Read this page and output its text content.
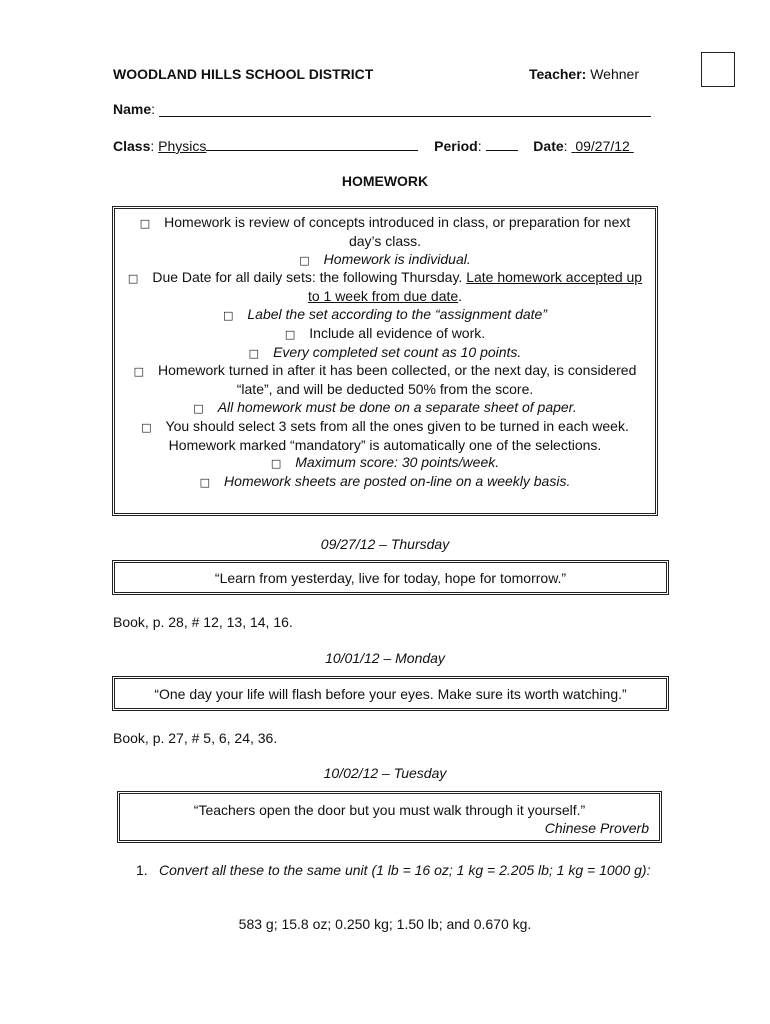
WOODLAND HILLS SCHOOL DISTRICT	Teacher: Wehner
Name :
Class: Physics	Period:	Date:  09/27/12
HOMEWORK

□ Homework is review of concepts introduced in class, or preparation for next day’s class.

□ Homework is individual.

□ Due Date for all daily sets: the following Thursday. Late homework accepted up to 1 week from due date.

□ Label the set according to the “assignment date”

□ Include all evidence of work.

□ Every completed set count as 10 points.

□ Homework turned in after it has been collected, or the next day, is considered “late”, and will be deducted 50% from the score.

□ All homework must be done on a separate sheet of paper.

□ You should select 3 sets from all the ones given to be turned in each week. Homework marked “mandatory” is automatically one of the selections.

□ Maximum score: 30 points/week.

□ Homework sheets are posted on-line on a weekly basis.

09/27/12 – Thursday
“Learn from yesterday, live for today, hope for tomorrow.”
Book, p. 28, # 12, 13, 14, 16.
10/01/12 – Monday
“One day your life will flash before your eyes. Make sure its worth watching.”
Book, p. 27, # 5, 6, 24, 36.
10/02/12 – Tuesday
“Teachers open the door but you must walk through it yourself.”
Chinese Proverb
1. Convert all these to the same unit (1 lb = 16 oz; 1 kg = 2.205 lb; 1 kg = 1000 g):
583 g; 15.8 oz; 0.250 kg; 1.50 lb; and 0.670 kg.
